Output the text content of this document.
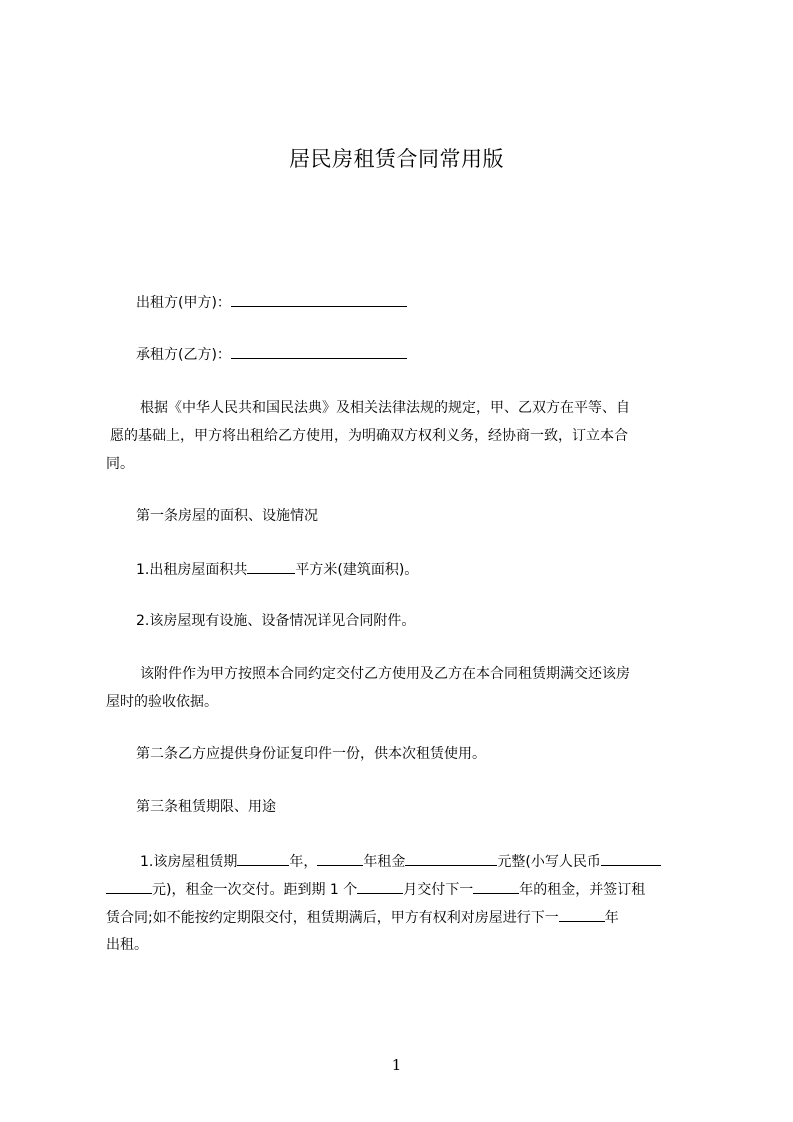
居民房租赁合同常用版
出租方(甲方)：
承租方(乙方)：
根据《中华人民共和国民法典》及相关法律法规的规定，甲、乙双方在平等、自
愿的基础上，甲方将出租给乙方使用，为明确双方权利义务，经协商一致，订立本合
同。
第一条房屋的面积、设施情况
1.出租房屋面积共	平方米(建筑面积)。
2.该房屋现有设施、设备情况详见合同附件。
该附件作为甲方按照本合同约定交付乙方使用及乙方在本合同租赁期满交还该房
屋时的验收依据。
第二条乙方应提供身份证复印件一份，供本次租赁使用。
第三条租赁期限、用途
1.该房屋租赁期	年，	年租金	元整(小写人民币
元)，租金一次交付。距到期 1 个	月交付下一	年的租金，并签订租
赁合同;如不能按约定期限交付，租赁期满后，甲方有权利对房屋进行下一	年
出租。
1
